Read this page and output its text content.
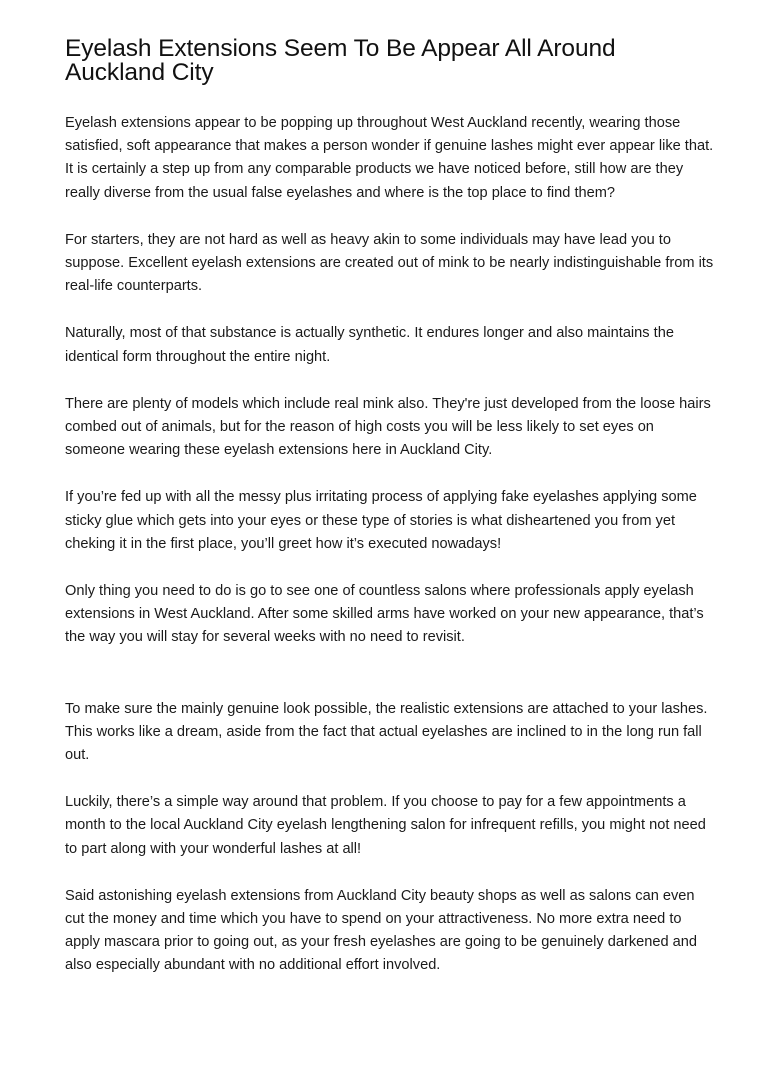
Eyelash Extensions Seem To Be Appear All Around Auckland City

Eyelash extensions appear to be popping up throughout West Auckland recently, wearing those satisfied, soft appearance that makes a person wonder if genuine lashes might ever appear like that. It is certainly a step up from any comparable products we have noticed before, still how are they really diverse from the usual false eyelashes and where is the top place to find them?

For starters, they are not hard as well as heavy akin to some individuals may have lead you to suppose. Excellent eyelash extensions are created out of mink to be nearly indistinguishable from its real-life counterparts.

Naturally, most of that substance is actually synthetic. It endures longer and also maintains the identical form throughout the entire night.

There are plenty of models which include real mink also. They're just developed from the loose hairs combed out of animals, but for the reason of high costs you will be less likely to set eyes on someone wearing these eyelash extensions here in Auckland City.

If you’re fed up with all the messy plus irritating process of applying fake eyelashes applying some sticky glue which gets into your eyes or these type of stories is what disheartened you from yet cheking it in the first place, you’ll greet how it’s executed nowadays!

Only thing you need to do is go to see one of countless salons where professionals apply eyelash extensions in West Auckland. After some skilled arms have worked on your new appearance, that’s the way you will stay for several weeks with no need to revisit.

To make sure the mainly genuine look possible, the realistic extensions are attached to your lashes. This works like a dream, aside from the fact that actual eyelashes are inclined to in the long run fall out.

Luckily, there’s a simple way around that problem. If you choose to pay for a few appointments a month to the local Auckland City eyelash lengthening salon for infrequent refills, you might not need to part along with your wonderful lashes at all!

Said astonishing eyelash extensions from Auckland City beauty shops as well as salons can even cut the money and time which you have to spend on your attractiveness. No more extra need to apply mascara prior to going out, as your fresh eyelashes are going to be genuinely darkened and also especially abundant with no additional effort involved.
